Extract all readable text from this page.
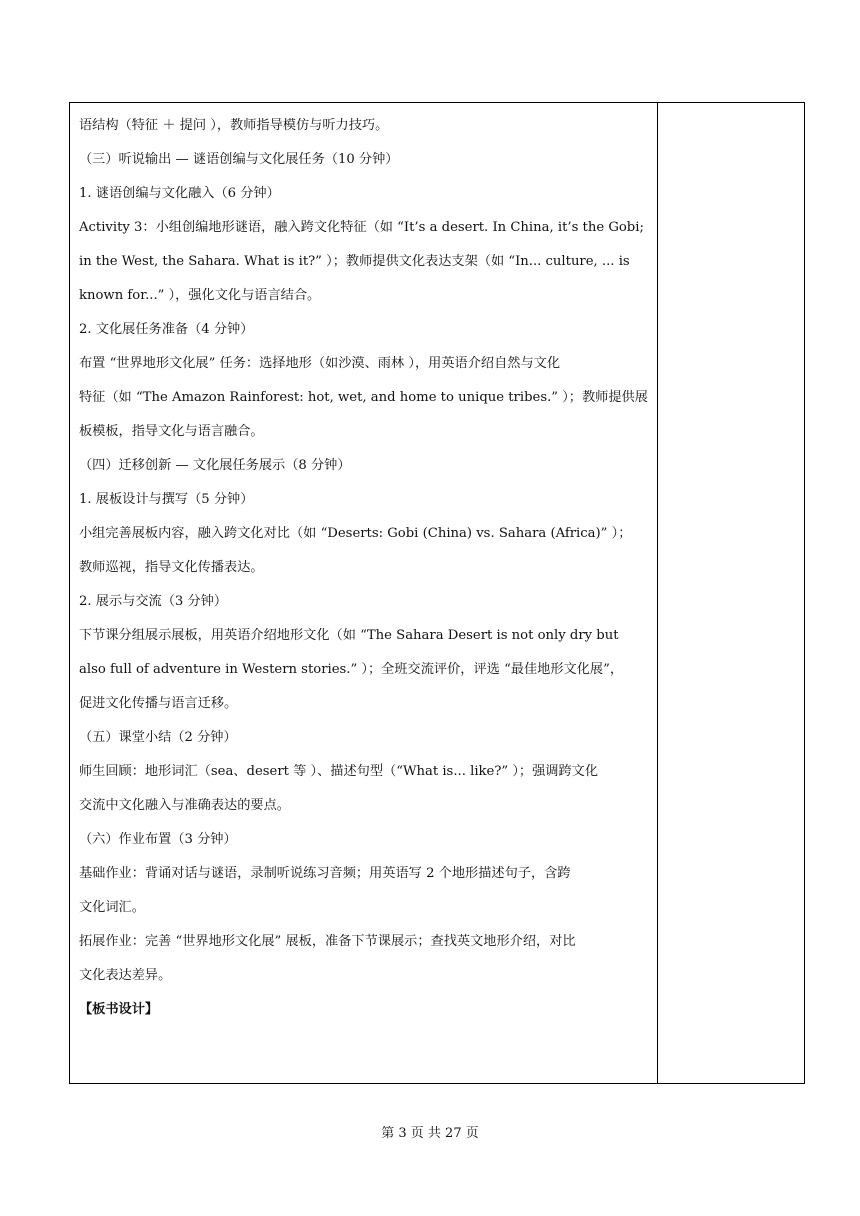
语结构（特征 ＋ 提问 ），教师指导模仿与听力技巧。
（三）听说输出 — 谜语创编与文化展任务（10 分钟）
1. 谜语创编与文化融入（6 分钟）
Activity 3：小组创编地形谜语，融入跨文化特征（如 “It’s a desert. In China, it’s the Gobi;
in the West, the Sahara. What is it?” ）；教师提供文化表达支架（如 “In... culture, ... is
known for...” ），强化文化与语言结合。
2. 文化展任务准备（4 分钟）
布置 “世界地形文化展” 任务：选择地形（如沙漠、雨林 ），用英语介绍自然与文化
特征（如 “The Amazon Rainforest: hot, wet, and home to unique tribes.” ）；教师提供展
板模板，指导文化与语言融合。
（四）迁移创新 — 文化展任务展示（8 分钟）
1. 展板设计与撰写（5 分钟）
小组完善展板内容，融入跨文化对比（如 “Deserts: Gobi (China) vs. Sahara (Africa)” ）；
教师巡视，指导文化传播表达。
2. 展示与交流（3 分钟）
下节课分组展示展板，用英语介绍地形文化（如 “The Sahara Desert is not only dry but
also full of adventure in Western stories.” ）；全班交流评价，评选 “最佳地形文化展”，
促进文化传播与语言迁移。
（五）课堂小结（2 分钟）
师生回顾：地形词汇（sea、desert 等 ）、描述句型（“What is... like?” ）；强调跨文化
交流中文化融入与准确表达的要点。
（六）作业布置（3 分钟）
基础作业：背诵对话与谜语，录制听说练习音频；用英语写 2 个地形描述句子，含跨
文化词汇。
拓展作业：完善 “世界地形文化展” 展板，准备下节课展示；查找英文地形介绍，对比
文化表达差异。
【板书设计】
第 3 页 共 27 页
